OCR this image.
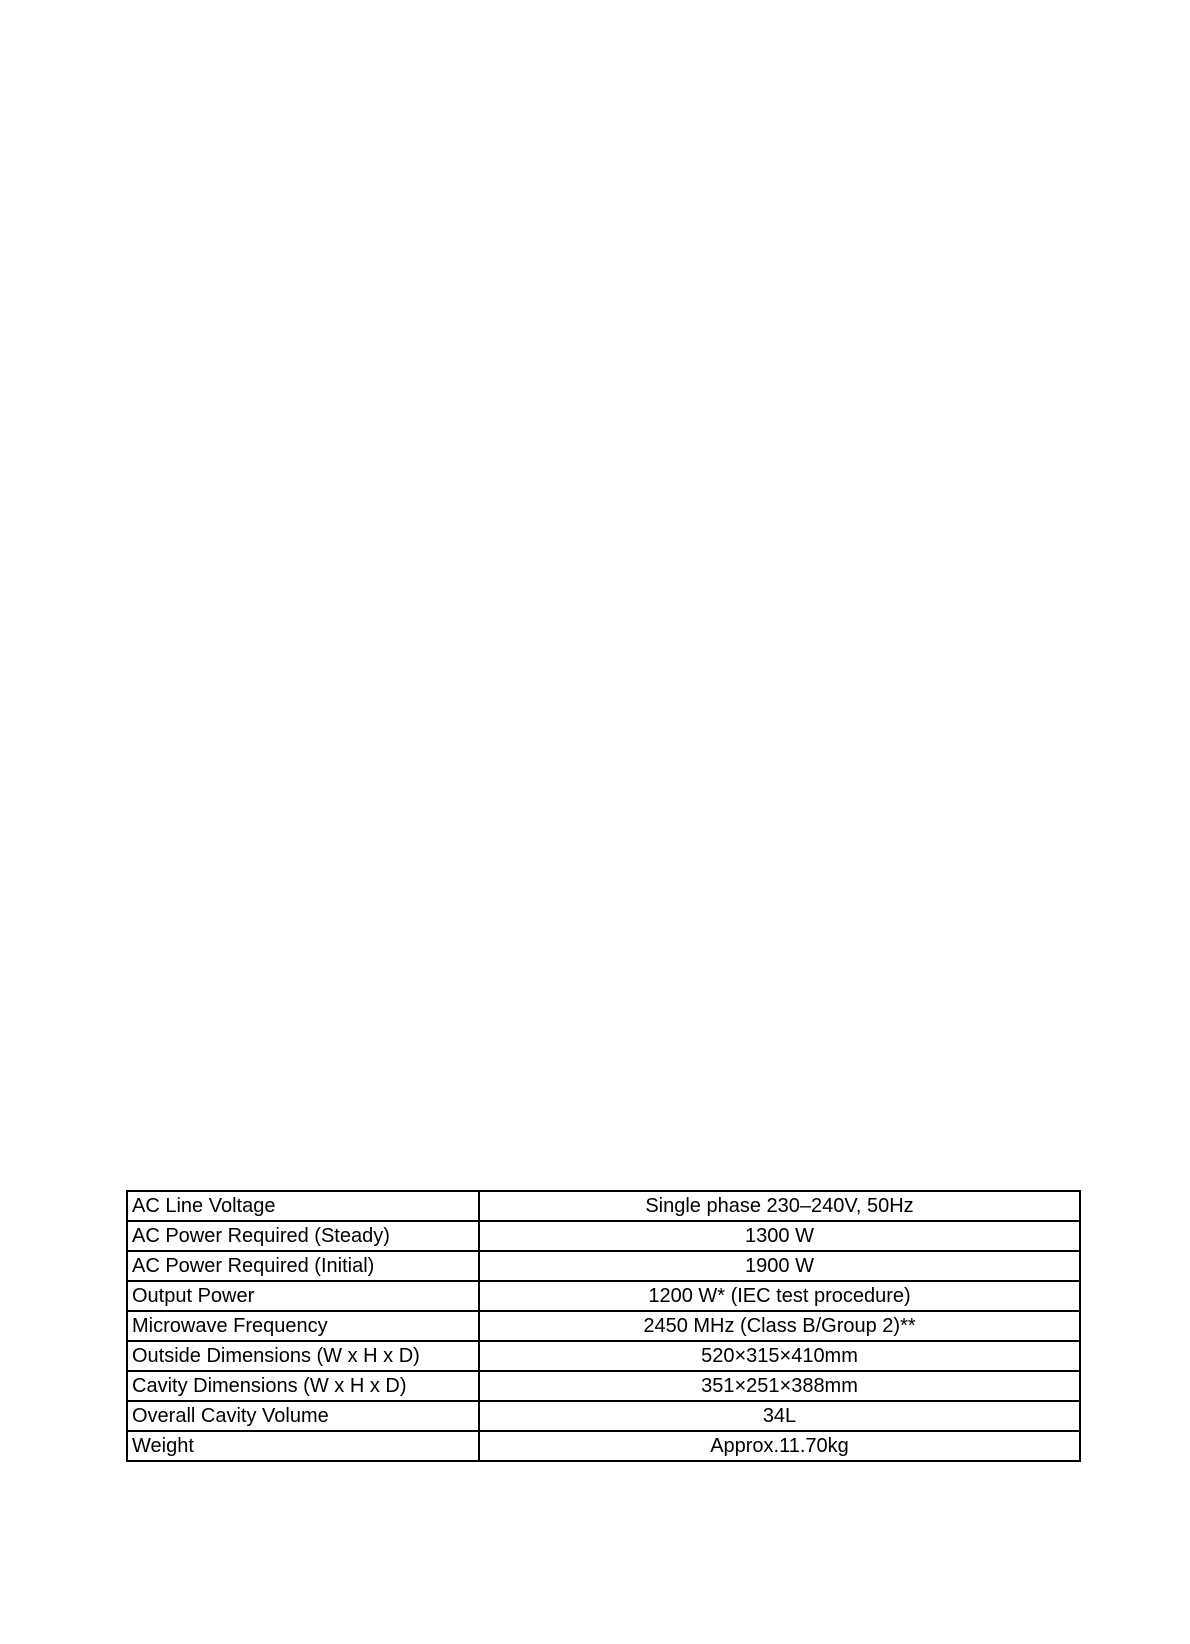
AC Line Voltage	Single phase 230–240V, 50Hz
AC Power Required (Steady)	1300 W
AC Power Required (Initial)	1900 W
Output Power	1200 W* (IEC test procedure)
Microwave Frequency	2450 MHz (Class B/Group 2)**
Outside Dimensions (W x H x D)	520×315×410mm
Cavity Dimensions (W x H x D)	351×251×388mm
Overall Cavity Volume	34L
Weight	Approx.11.70kg
